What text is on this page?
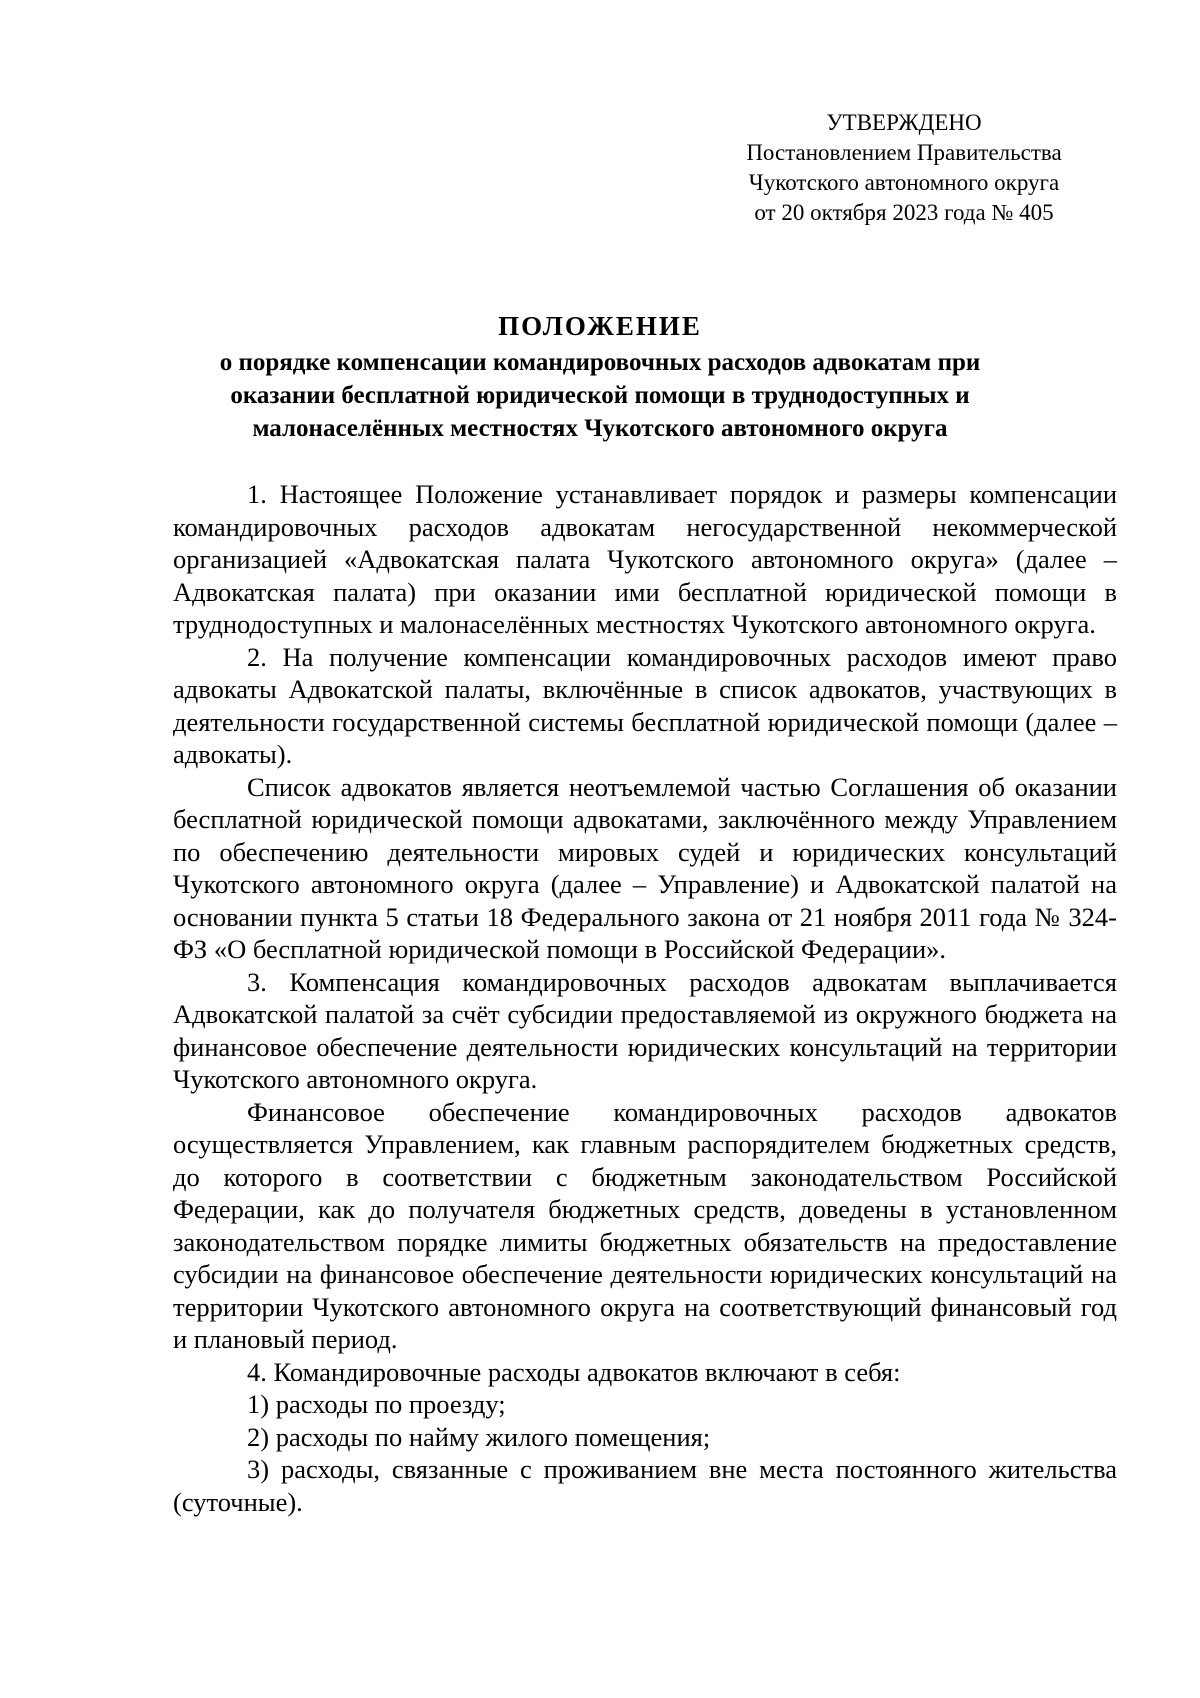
УТВЕРЖДЕНО
Постановлением Правительства
Чукотского автономного округа
от 20 октября 2023 года № 405
ПОЛОЖЕНИЕ
о порядке компенсации командировочных расходов адвокатам при
оказании бесплатной юридической помощи в труднодоступных и
малонаселённых местностях Чукотского автономного округа

1. Настоящее Положение устанавливает порядок и размеры компенсации командировочных расходов адвокатам негосударственной некоммерческой организацией «Адвокатская палата Чукотского автономного округа» (далее – Адвокатская палата) при оказании ими бесплатной юридической помощи в труднодоступных и малонаселённых местностях Чукотского автономного округа.

2. На получение компенсации командировочных расходов имеют право адвокаты Адвокатской палаты, включённые в список адвокатов, участвующих в деятельности государственной системы бесплатной юридической помощи (далее – адвокаты).

Список адвокатов является неотъемлемой частью Соглашения об оказании бесплатной юридической помощи адвокатами, заключённого между Управлением по обеспечению деятельности мировых судей и юридических консультаций Чукотского автономного округа (далее – Управление) и Адвокатской палатой на основании пункта 5 статьи 18 Федерального закона от 21 ноября 2011 года № 324-ФЗ «О бесплатной юридической помощи в Российской Федерации».

3. Компенсация командировочных расходов адвокатам выплачивается Адвокатской палатой за счёт субсидии предоставляемой из окружного бюджета на финансовое обеспечение деятельности юридических консультаций на территории Чукотского автономного округа.

Финансовое обеспечение командировочных расходов адвокатов осуществляется Управлением, как главным распорядителем бюджетных средств, до которого в соответствии с бюджетным законодательством Российской Федерации, как до получателя бюджетных средств, доведены в установленном законодательством порядке лимиты бюджетных обязательств на предоставление субсидии на финансовое обеспечение деятельности юридических консультаций на территории Чукотского автономного округа на соответствующий финансовый год и плановый период.

4. Командировочные расходы адвокатов включают в себя:

1) расходы по проезду;

2) расходы по найму жилого помещения;

3) расходы, связанные с проживанием вне места постоянного жительства (суточные).
